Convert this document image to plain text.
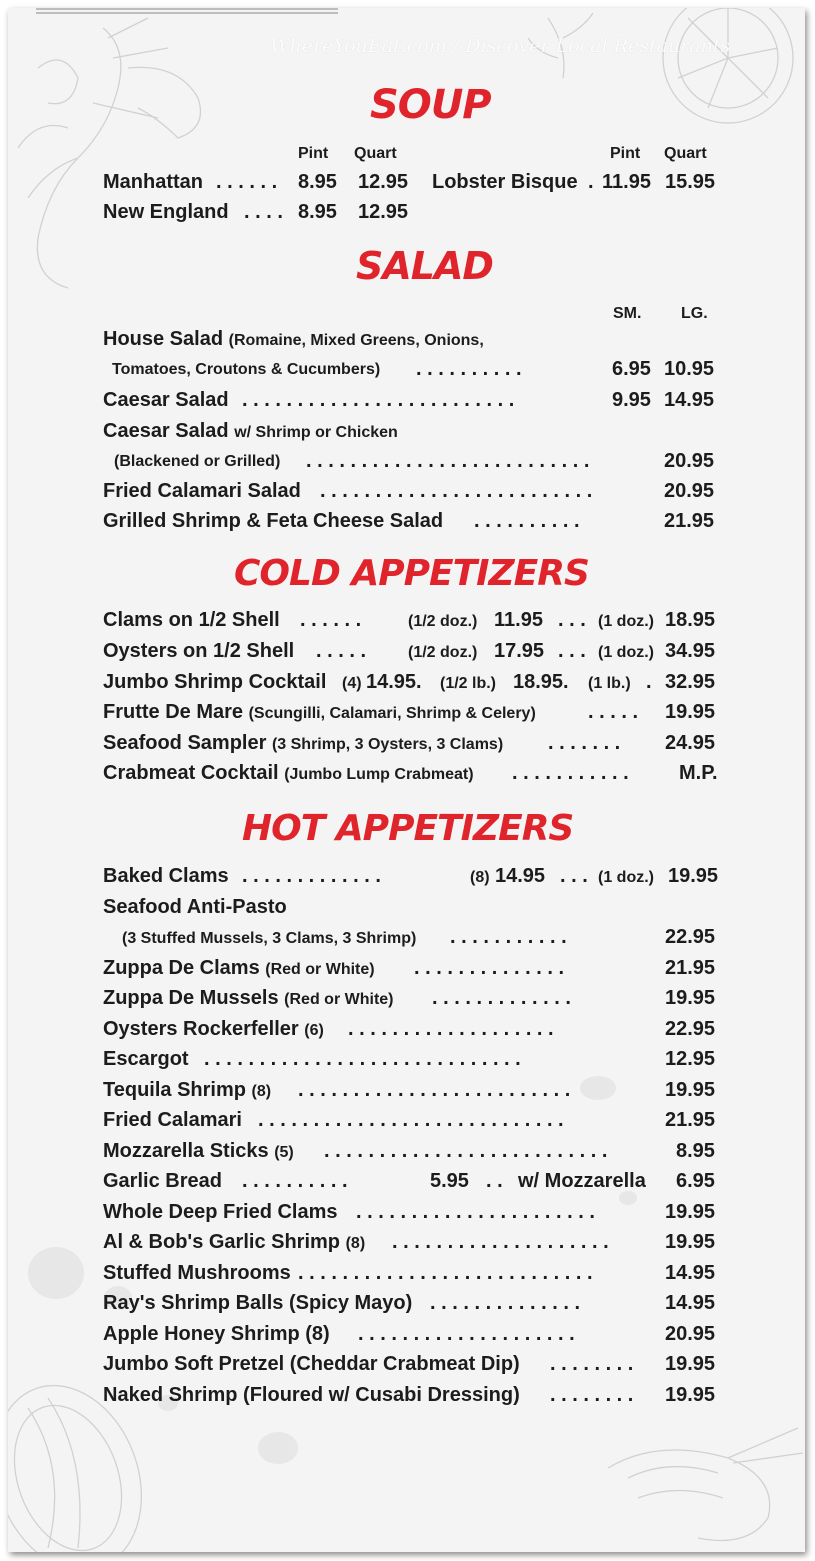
WhereYouEat.com / Discover Local Restaurants
SOUP
Pint Quart	Pint Quart
Manhattan . . . . . . 8.95 12.95 Lobster Bisque . 11.95 15.95
New England . . . . 8.95 12.95
SALAD
SM. LG.
House Salad (Romaine, Mixed Greens, Onions,
Tomatoes, Croutons & Cucumbers) . . . . . . . . . .	6.95 10.95
Caesar Salad . . . . . . . . . . . . . . . . . . . . . . . . .	9.95 14.95
Caesar Salad w/ Shrimp or Chicken
(Blackened or Grilled) . . . . . . . . . . . . . . . . . . . . . . . . . .	20.95
Fried Calamari Salad . . . . . . . . . . . . . . . . . . . . . . . . .	20.95
Grilled Shrimp & Feta Cheese Salad . . . . . . . . . .	21.95
COLD APPETIZERS
Clams on 1/2 Shell . . . . . .	(1/2 doz.) 11.95 . . . (1 doz.) 18.95
Oysters on 1/2 Shell . . . . .	(1/2 doz.) 17.95 . . . (1 doz.) 34.95
Jumbo Shrimp Cocktail (4) 14.95. (1/2 lb.) 18.95. (1 lb.) . 32.95
Frutte De Mare (Scungilli, Calamari, Shrimp & Celery)	. . . . . 19.95
Seafood Sampler (3 Shrimp, 3 Oysters, 3 Clams) . . . . . . . 24.95
Crabmeat Cocktail (Jumbo Lump Crabmeat) . . . . . . . . . . .	M.P.
HOT APPETIZERS
Baked Clams . . . . . . . . . . . . .	(8) 14.95 . . . (1 doz.) 19.95
Seafood Anti-Pasto
(3 Stuffed Mussels, 3 Clams, 3 Shrimp) . . . . . . . . . . .	22.95
Zuppa De Clams (Red or White) . . . . . . . . . . . . . .	21.95
Zuppa De Mussels (Red or White) . . . . . . . . . . . . .	19.95
Oysters Rockerfeller (6) . . . . . . . . . . . . . . . . . . .	22.95
Escargot . . . . . . . . . . . . . . . . . . . . . . . . . . . . .	12.95
Tequila Shrimp (8) . . . . . . . . . . . . . . . . . . . . . . . . .	19.95
Fried Calamari . . . . . . . . . . . . . . . . . . . . . . . . . . . .	21.95
Mozzarella Sticks (5) . . . . . . . . . . . . . . . . . . . . . . . . . .	8.95
Garlic Bread . . . . . . . . . .	5.95 . . w/ Mozzarella 6.95
Whole Deep Fried Clams . . . . . . . . . . . . . . . . . . . . . .	19.95
Al & Bob's Garlic Shrimp (8) . . . . . . . . . . . . . . . . . . . .	19.95
Stuffed Mushrooms . . . . . . . . . . . . . . . . . . . . . . . . . . .	14.95
Ray's Shrimp Balls (Spicy Mayo) . . . . . . . . . . . . . .	14.95
Apple Honey Shrimp (8) . . . . . . . . . . . . . . . . . . . .	20.95
Jumbo Soft Pretzel (Cheddar Crabmeat Dip) . . . . . . . . 19.95
Naked Shrimp (Floured w/ Cusabi Dressing) . . . . . . . . 19.95
